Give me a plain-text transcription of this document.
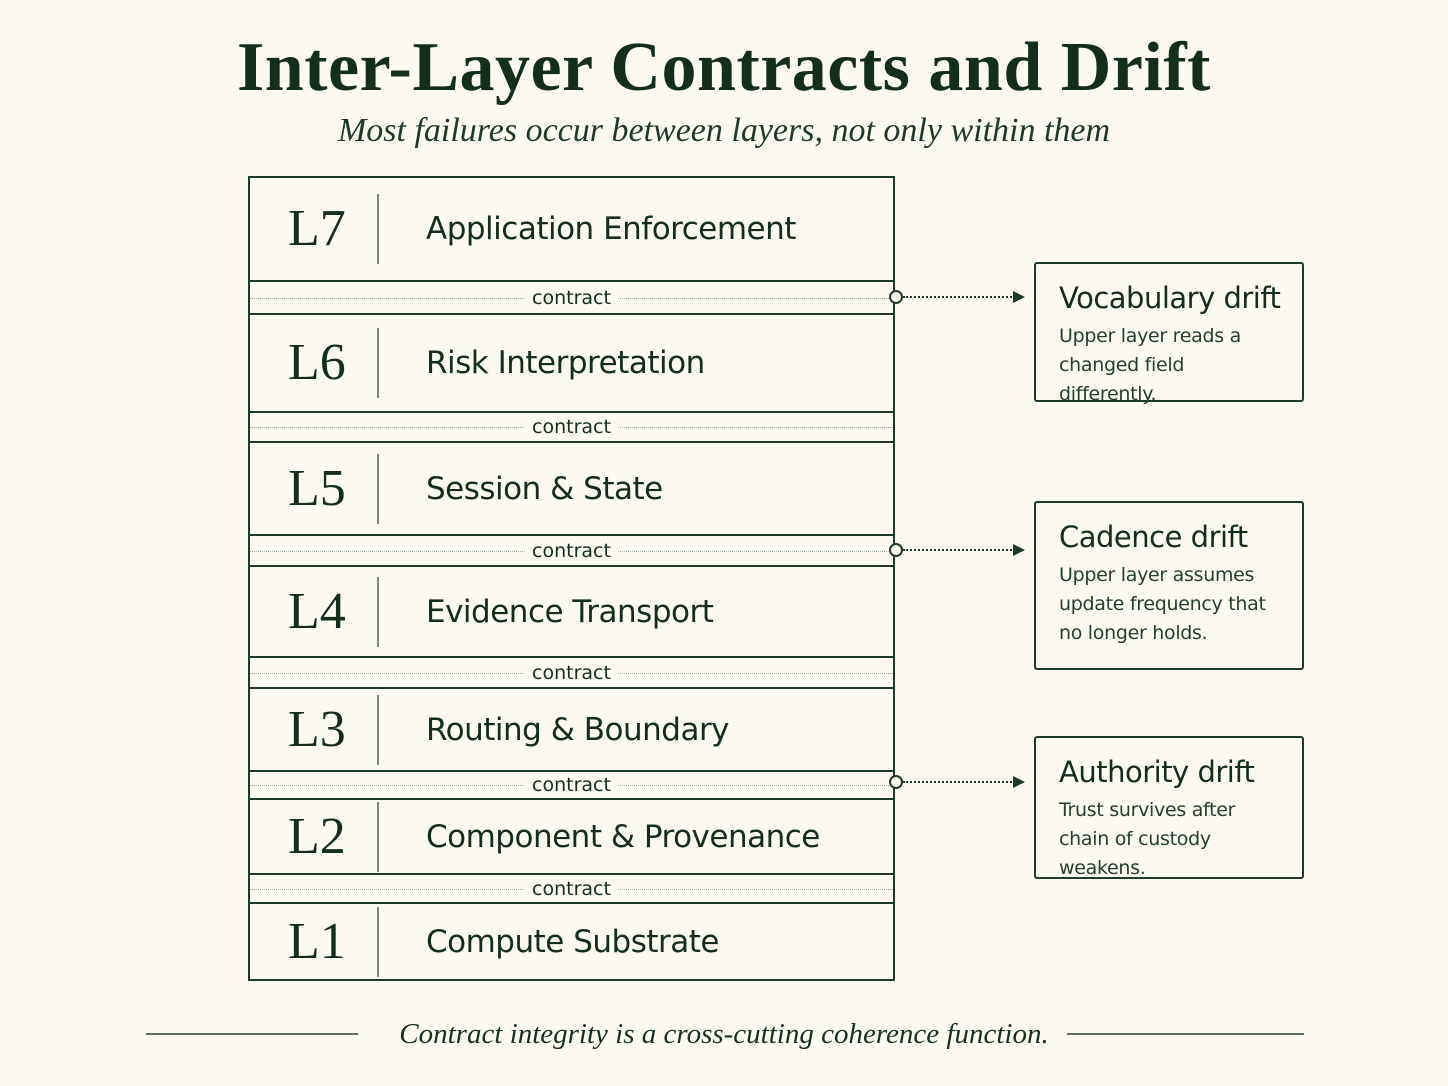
Inter-Layer Contracts and Drift
Most failures occur between layers, not only within them
L7	Application Enforcement
contract
L6	Risk Interpretation
contract
L5	Session & State
contract
L4	Evidence Transport
contract
L3	Routing & Boundary
contract
L2	Component & Provenance
contract
L1	Compute Substrate
Vocabulary drift
Upper layer reads a changed field differently.
Cadence drift
Upper layer assumes update frequency that no longer holds.
Authority drift
Trust survives after chain of custody weakens.
Contract integrity is a cross-cutting coherence function.
